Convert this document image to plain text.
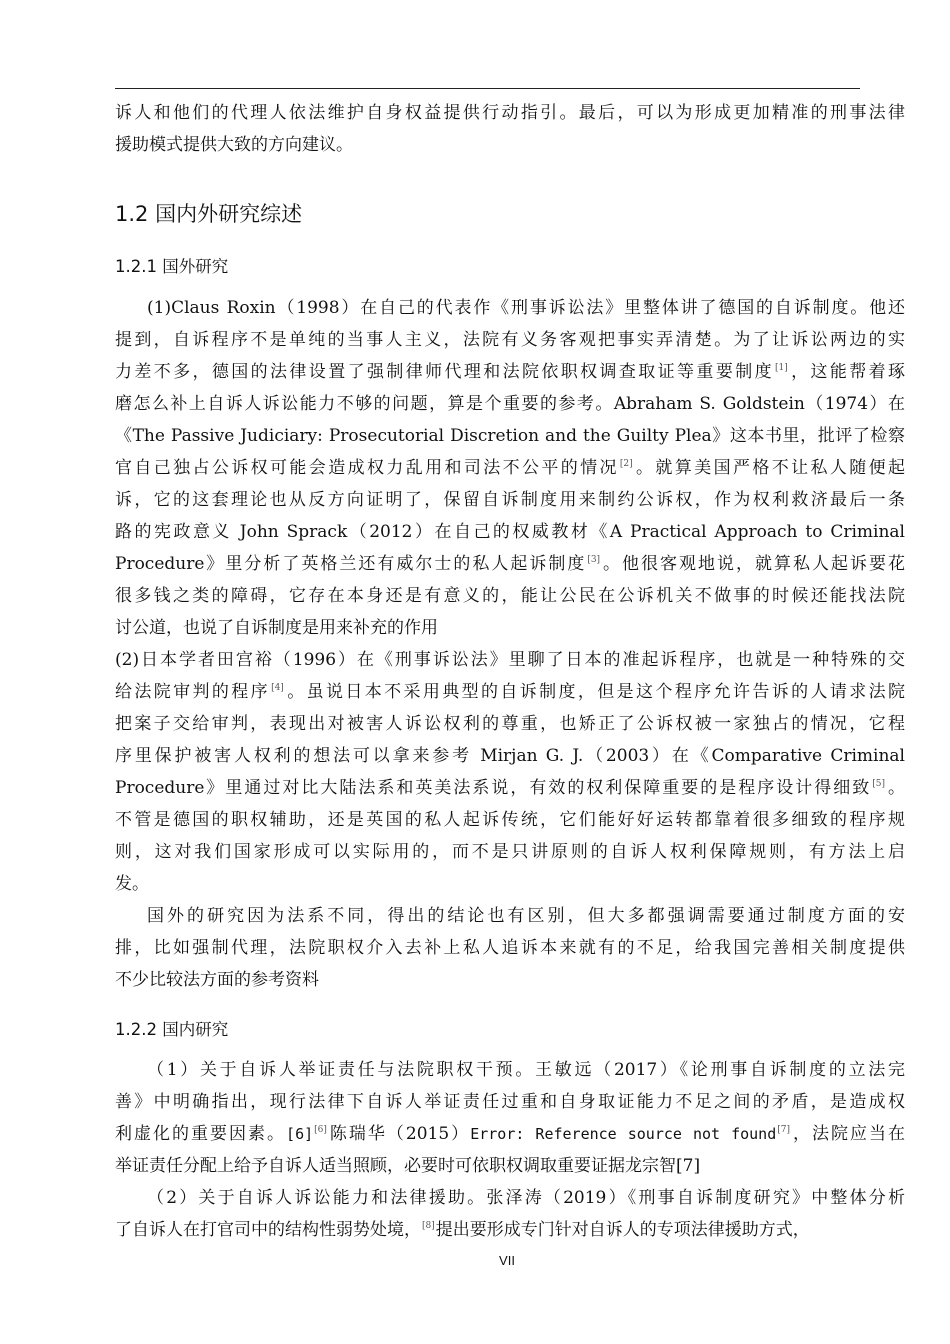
诉人和他们的代理人依法维护自身权益提供行动指引。最后，可以为形成更加精准的刑事法律
援助模式提供大致的方向建议。
1.2 国内外研究综述
1.2.1 国外研究
(1)Claus Roxin（1998）在自己的代表作《刑事诉讼法》里整体讲了德国的自诉制度。他还
提到，自诉程序不是单纯的当事人主义，法院有义务客观把事实弄清楚。为了让诉讼两边的实
力差不多，德国的法律设置了强制律师代理和法院依职权调查取证等重要制度[1]，这能帮着琢
磨怎么补上自诉人诉讼能力不够的问题，算是个重要的参考。Abraham S. Goldstein（1974）在
《The Passive Judiciary: Prosecutorial Discretion and the Guilty Plea》这本书里，批评了检察
官自己独占公诉权可能会造成权力乱用和司法不公平的情况[2]。就算美国严格不让私人随便起
诉，它的这套理论也从反方向证明了，保留自诉制度用来制约公诉权，作为权利救济最后一条
路的宪政意义 John Sprack（2012）在自己的权威教材《A Practical Approach to Criminal
Procedure》里分析了英格兰还有威尔士的私人起诉制度[3]。他很客观地说，就算私人起诉要花
很多钱之类的障碍，它存在本身还是有意义的，能让公民在公诉机关不做事的时候还能找法院
讨公道，也说了自诉制度是用来补充的作用
(2)日本学者田宫裕（1996）在《刑事诉讼法》里聊了日本的准起诉程序，也就是一种特殊的交
给法院审判的程序[4]。虽说日本不采用典型的自诉制度，但是这个程序允许告诉的人请求法院
把案子交给审判，表现出对被害人诉讼权利的尊重，也矫正了公诉权被一家独占的情况，它程
序里保护被害人权利的想法可以拿来参考 Mirjan G. J.（2003）在《Comparative Criminal
Procedure》里通过对比大陆法系和英美法系说，有效的权利保障重要的是程序设计得细致[5]。
不管是德国的职权辅助，还是英国的私人起诉传统，它们能好好运转都靠着很多细致的程序规
则，这对我们国家形成可以实际用的，而不是只讲原则的自诉人权利保障规则，有方法上启
发。
国外的研究因为法系不同，得出的结论也有区别，但大多都强调需要通过制度方面的安
排，比如强制代理，法院职权介入去补上私人追诉本来就有的不足，给我国完善相关制度提供
不少比较法方面的参考资料
1.2.2 国内研究
（1）关于自诉人举证责任与法院职权干预。王敏远（2017）《论刑事自诉制度的立法完
善》中明确指出，现行法律下自诉人举证责任过重和自身取证能力不足之间的矛盾，是造成权
利虚化的重要因素。[6][6]陈瑞华（2015）Error: Reference source not found[7]，法院应当在
举证责任分配上给予自诉人适当照顾，必要时可依职权调取重要证据龙宗智[7]
（2）关于自诉人诉讼能力和法律援助。张泽涛（2019）《刑事自诉制度研究》中整体分析
了自诉人在打官司中的结构性弱势处境，[8]提出要形成专门针对自诉人的专项法律援助方式，
VII
